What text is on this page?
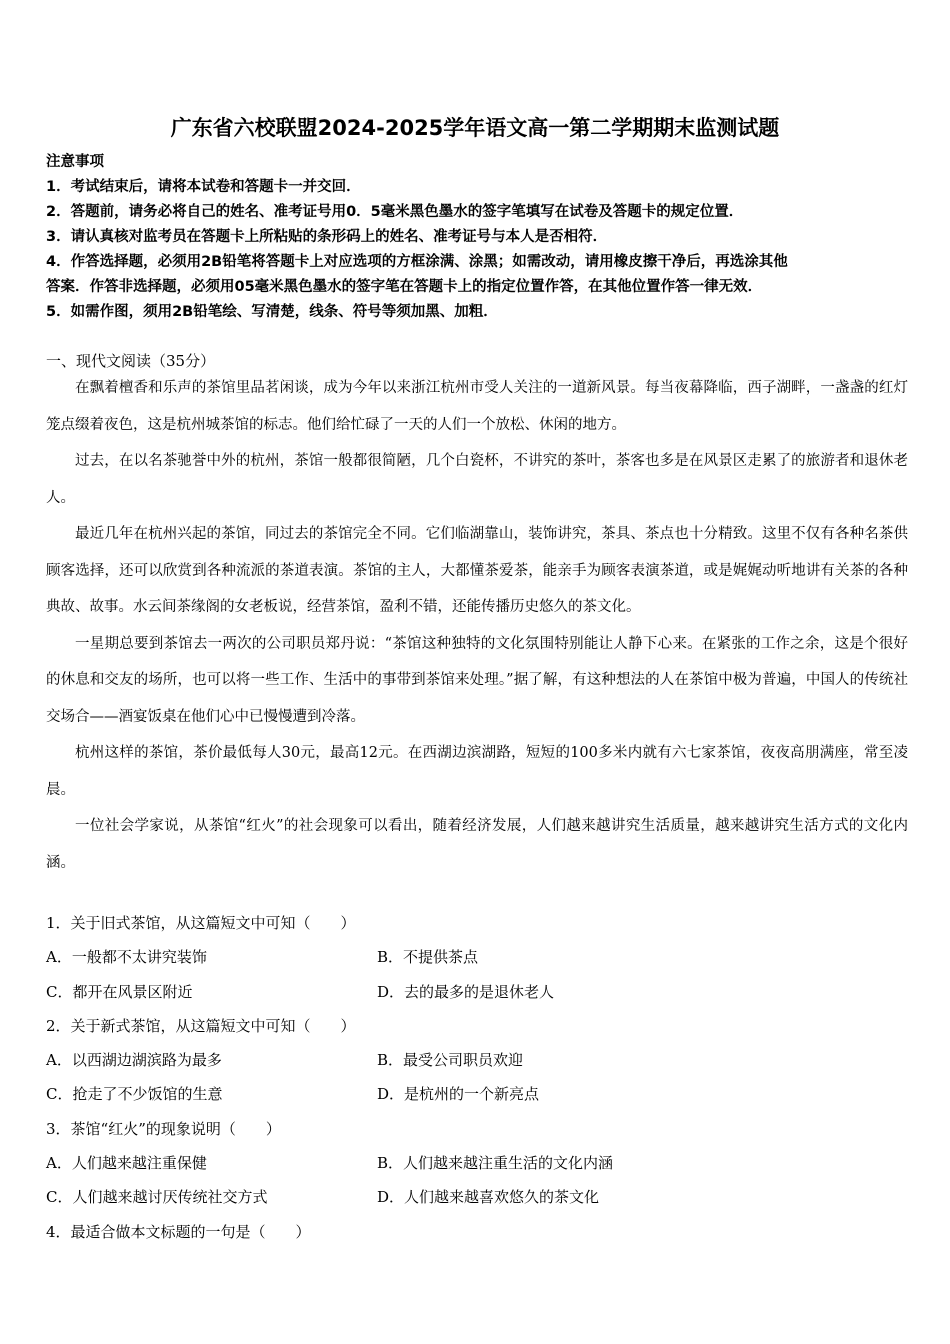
广东省六校联盟2024-2025学年语文高一第二学期期末监测试题
注意事项
1．考试结束后，请将本试卷和答题卡一并交回．
2．答题前，请务必将自己的姓名、准考证号用0．5毫米黑色墨水的签字笔填写在试卷及答题卡的规定位置．
3．请认真核对监考员在答题卡上所粘贴的条形码上的姓名、准考证号与本人是否相符．
4．作答选择题，必须用2B铅笔将答题卡上对应选项的方框涂满、涂黑；如需改动，请用橡皮擦干净后，再选涂其他
答案．作答非选择题，必须用05毫米黑色墨水的签字笔在答题卡上的指定位置作答，在其他位置作答一律无效．
5．如需作图，须用2B铅笔绘、写清楚，线条、符号等须加黑、加粗．
一、现代文阅读（35分）

在飘着檀香和乐声的茶馆里品茗闲谈，成为今年以来浙江杭州市受人关注的一道新风景。每当夜幕降临，西子湖畔，一盏盏的红灯笼点缀着夜色，这是杭州城茶馆的标志。他们给忙碌了一天的人们一个放松、休闲的地方。

过去，在以名茶驰誉中外的杭州，茶馆一般都很简陋，几个白瓷杯，不讲究的茶叶，茶客也多是在风景区走累了的旅游者和退休老人。

最近几年在杭州兴起的茶馆，同过去的茶馆完全不同。它们临湖靠山，装饰讲究，茶具、茶点也十分精致。这里不仅有各种名茶供顾客选择，还可以欣赏到各种流派的茶道表演。茶馆的主人，大都懂茶爱茶，能亲手为顾客表演茶道，或是娓娓动听地讲有关茶的各种典故、故事。水云间茶缘阁的女老板说，经营茶馆，盈利不错，还能传播历史悠久的茶文化。

一星期总要到茶馆去一两次的公司职员郑丹说：“茶馆这种独特的文化氛围特别能让人静下心来。在紧张的工作之余，这是个很好的休息和交友的场所，也可以将一些工作、生活中的事带到茶馆来处理。”据了解，有这种想法的人在茶馆中极为普遍，中国人的传统社交场合——酒宴饭桌在他们心中已慢慢遭到冷落。

杭州这样的茶馆，茶价最低每人30元，最高12元。在西湖边滨湖路，短短的100多米内就有六七家茶馆，夜夜高朋满座，常至凌晨。

一位社会学家说，从茶馆“红火”的社会现象可以看出，随着经济发展，人们越来越讲究生活质量，越来越讲究生活方式的文化内涵。

1．关于旧式茶馆，从这篇短文中可知（　　）
A．一般都不太讲究装饰	B．不提供茶点
C．都开在风景区附近	D．去的最多的是退休老人
2．关于新式茶馆，从这篇短文中可知（　　）
A．以西湖边湖滨路为最多	B．最受公司职员欢迎
C．抢走了不少饭馆的生意	D．是杭州的一个新亮点
3．茶馆“红火”的现象说明（　　）
A．人们越来越注重保健	B．人们越来越注重生活的文化内涵
C．人们越来越讨厌传统社交方式	D．人们越来越喜欢悠久的茶文化
4．最适合做本文标题的一句是（　　）
